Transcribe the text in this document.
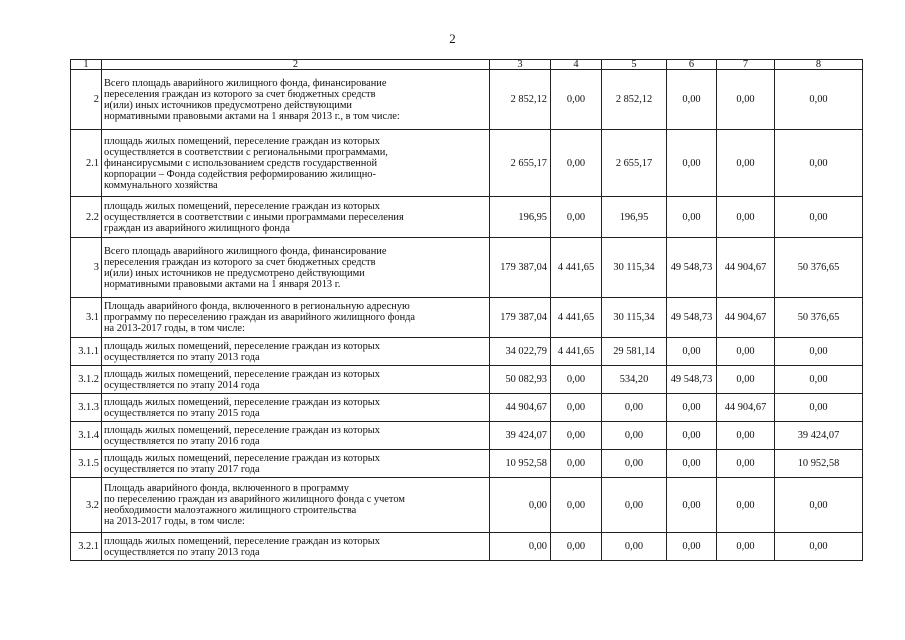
2
1	2	3	4	5	6	7	8
2	Всего площадь аварийного жилищного фонда, финансирование
переселения граждан из которого за счет бюджетных средств
и(или) иных источников предусмотрено действующими
нормативными правовыми актами на 1 января 2013 г., в том числе:	2 852,12	0,00	2 852,12	0,00	0,00	0,00
2.1	площадь жилых помещений, переселение граждан из которых
осуществляется в соответствии с региональными программами,
финансирусмыми с использованием средств государственной
корпорации – Фонда содействия реформированию жилищно-
коммунального хозяйства	2 655,17	0,00	2 655,17	0,00	0,00	0,00
2.2	площадь жилых помещений, переселение граждан из которых
осуществляется в соответствии с иными программами переселения
граждан из аварийного жилищного фонда	196,95	0,00	196,95	0,00	0,00	0,00
3	Всего площадь аварийного жилищного фонда, финансирование
переселения граждан из которого за счет бюджетных средств
и(или) иных источников не предусмотрено действующими
нормативными правовыми актами на 1 января 2013 г.	179 387,04	4 441,65	30 115,34	49 548,73	44 904,67	50 376,65
3.1	Площадь аварийного фонда, включенного в региональную адресную
программу по переселению граждан из аварийного жилищного фонда
на 2013-2017 годы, в том числе:	179 387,04	4 441,65	30 115,34	49 548,73	44 904,67	50 376,65
3.1.1	площадь жилых помещений, переселение граждан из которых
осуществляется по этапу 2013 года	34 022,79	4 441,65	29 581,14	0,00	0,00	0,00
3.1.2	площадь жилых помещений, переселение граждан из которых
осуществляется по этапу 2014 года	50 082,93	0,00	534,20	49 548,73	0,00	0,00
3.1.3	площадь жилых помещений, переселение граждан из которых
осуществляется по этапу 2015 года	44 904,67	0,00	0,00	0,00	44 904,67	0,00
3.1.4	площадь жилых помещений, переселение граждан из которых
осуществляется по этапу 2016 года	39 424,07	0,00	0,00	0,00	0,00	39 424,07
3.1.5	площадь жилых помещений, переселение граждан из которых
осуществляется по этапу 2017 года	10 952,58	0,00	0,00	0,00	0,00	10 952,58
3.2	Площадь аварийного фонда, включенного в программу
по переселению граждан из аварийного жилищного фонда с учетом
необходимости малоэтажного жилищного строительства
на 2013-2017 годы, в том числе:	0,00	0,00	0,00	0,00	0,00	0,00
3.2.1	площадь жилых помещений, переселение граждан из которых
осуществляется по этапу 2013 года	0,00	0,00	0,00	0,00	0,00	0,00
